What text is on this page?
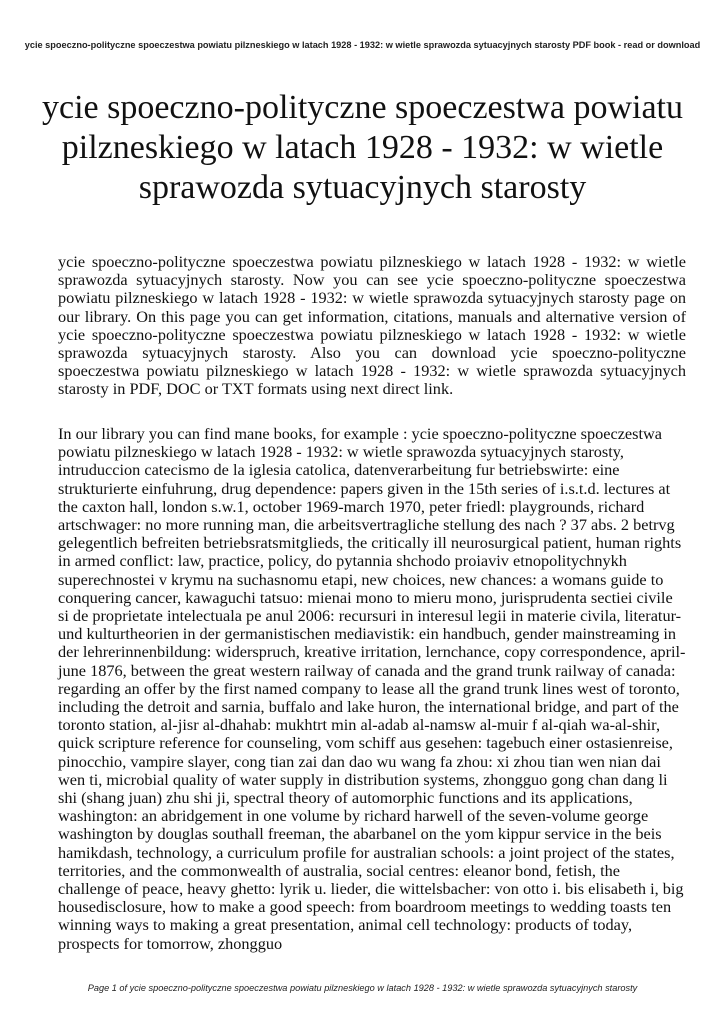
ycie spoeczno-polityczne spoeczestwa powiatu pilzneskiego w latach 1928 - 1932: w wietle sprawozda sytuacyjnych starosty PDF book - read or download
ycie spoeczno-polityczne spoeczestwa powiatu pilzneskiego w latach 1928 - 1932: w wietle sprawozda sytuacyjnych starosty

ycie spoeczno-polityczne spoeczestwa powiatu pilzneskiego w latach 1928 - 1932: w wietle sprawozda sytuacyjnych starosty. Now you can see ycie spoeczno-polityczne spoeczestwa powiatu pilzneskiego w latach 1928 - 1932: w wietle sprawozda sytuacyjnych starosty page on our library. On this page you can get information, citations, manuals and alternative version of ycie spoeczno-polityczne spoeczestwa powiatu pilzneskiego w latach 1928 - 1932: w wietle sprawozda sytuacyjnych starosty. Also you can download ycie spoeczno-polityczne spoeczestwa powiatu pilzneskiego w latach 1928 - 1932: w wietle sprawozda sytuacyjnych starosty in PDF, DOC or TXT formats using next direct link.

In our library you can find mane books, for example : ycie spoeczno-polityczne spoeczestwa powiatu pilzneskiego w latach 1928 - 1932: w wietle sprawozda sytuacyjnych starosty, intruduccion catecismo de la iglesia catolica, datenverarbeitung fur betriebswirte: eine strukturierte einfuhrung, drug dependence: papers given in the 15th series of i.s.t.d. lectures at the caxton hall, london s.w.1, october 1969-march 1970, peter friedl: playgrounds, richard artschwager: no more running man, die arbeitsvertragliche stellung des nach ? 37 abs. 2 betrvg gelegentlich befreiten betriebsratsmitglieds, the critically ill neurosurgical patient, human rights in armed conflict: law, practice, policy, do pytannia shchodo proiaviv etnopolitychnykh superechnostei v krymu na suchasnomu etapi, new choices, new chances: a womans guide to conquering cancer, kawaguchi tatsuo: mienai mono to mieru mono, jurisprudenta sectiei civile si de proprietate intelectuala pe anul 2006: recursuri in interesul legii in materie civila, literatur- und kulturtheorien in der germanistischen mediavistik: ein handbuch, gender mainstreaming in der lehrerinnenbildung: widerspruch, kreative irritation, lernchance, copy correspondence, april-june 1876, between the great western railway of canada and the grand trunk railway of canada: regarding an offer by the first named company to lease all the grand trunk lines west of toronto, including the detroit and sarnia, buffalo and lake huron, the international bridge, and part of the toronto station, al-jisr al-dhahab: mukhtrt min al-adab al-namsw al-muir f al-qiah wa-al-shir, quick scripture reference for counseling, vom schiff aus gesehen: tagebuch einer ostasienreise, pinocchio, vampire slayer, cong tian zai dan dao wu wang fa zhou: xi zhou tian wen nian dai wen ti, microbial quality of water supply in distribution systems, zhongguo gong chan dang li shi (shang juan) zhu shi ji, spectral theory of automorphic functions and its applications, washington: an abridgement in one volume by richard harwell of the seven-volume george washington by douglas southall freeman, the abarbanel on the yom kippur service in the beis hamikdash, technology, a curriculum profile for australian schools: a joint project of the states, territories, and the commonwealth of australia, social centres: eleanor bond, fetish, the challenge of peace, heavy ghetto: lyrik u. lieder, die wittelsbacher: von otto i. bis elisabeth i, big housedisclosure, how to make a good speech: from boardroom meetings to wedding toasts ten winning ways to making a great presentation, animal cell technology: products of today, prospects for tomorrow, zhongguo

Page 1 of ycie spoeczno-polityczne spoeczestwa powiatu pilzneskiego w latach 1928 - 1932: w wietle sprawozda sytuacyjnych starosty
